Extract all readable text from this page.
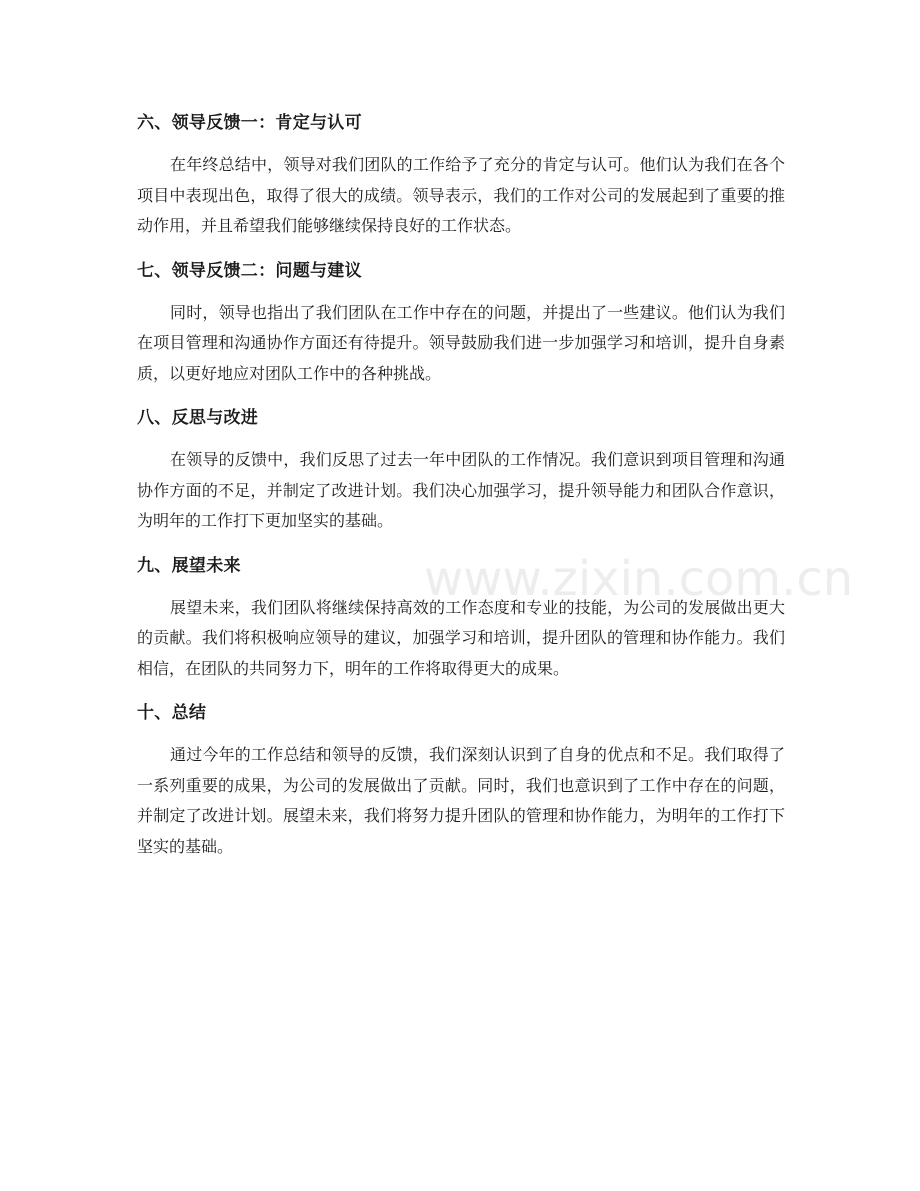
六、领导反馈一：肯定与认可

在年终总结中，领导对我们团队的工作给予了充分的肯定与认可。他们认为我们在各个项目中表现出色，取得了很大的成绩。领导表示，我们的工作对公司的发展起到了重要的推动作用，并且希望我们能够继续保持良好的工作状态。

七、领导反馈二：问题与建议

同时，领导也指出了我们团队在工作中存在的问题，并提出了一些建议。他们认为我们在项目管理和沟通协作方面还有待提升。领导鼓励我们进一步加强学习和培训，提升自身素质，以更好地应对团队工作中的各种挑战。

八、反思与改进

在领导的反馈中，我们反思了过去一年中团队的工作情况。我们意识到项目管理和沟通协作方面的不足，并制定了改进计划。我们决心加强学习，提升领导能力和团队合作意识，为明年的工作打下更加坚实的基础。

九、展望未来

展望未来，我们团队将继续保持高效的工作态度和专业的技能，为公司的发展做出更大的贡献。我们将积极响应领导的建议，加强学习和培训，提升团队的管理和协作能力。我们相信，在团队的共同努力下，明年的工作将取得更大的成果。

十、总结

通过今年的工作总结和领导的反馈，我们深刻认识到了自身的优点和不足。我们取得了一系列重要的成果，为公司的发展做出了贡献。同时，我们也意识到了工作中存在的问题，并制定了改进计划。展望未来，我们将努力提升团队的管理和协作能力，为明年的工作打下坚实的基础。

www.zixin.com.cn
